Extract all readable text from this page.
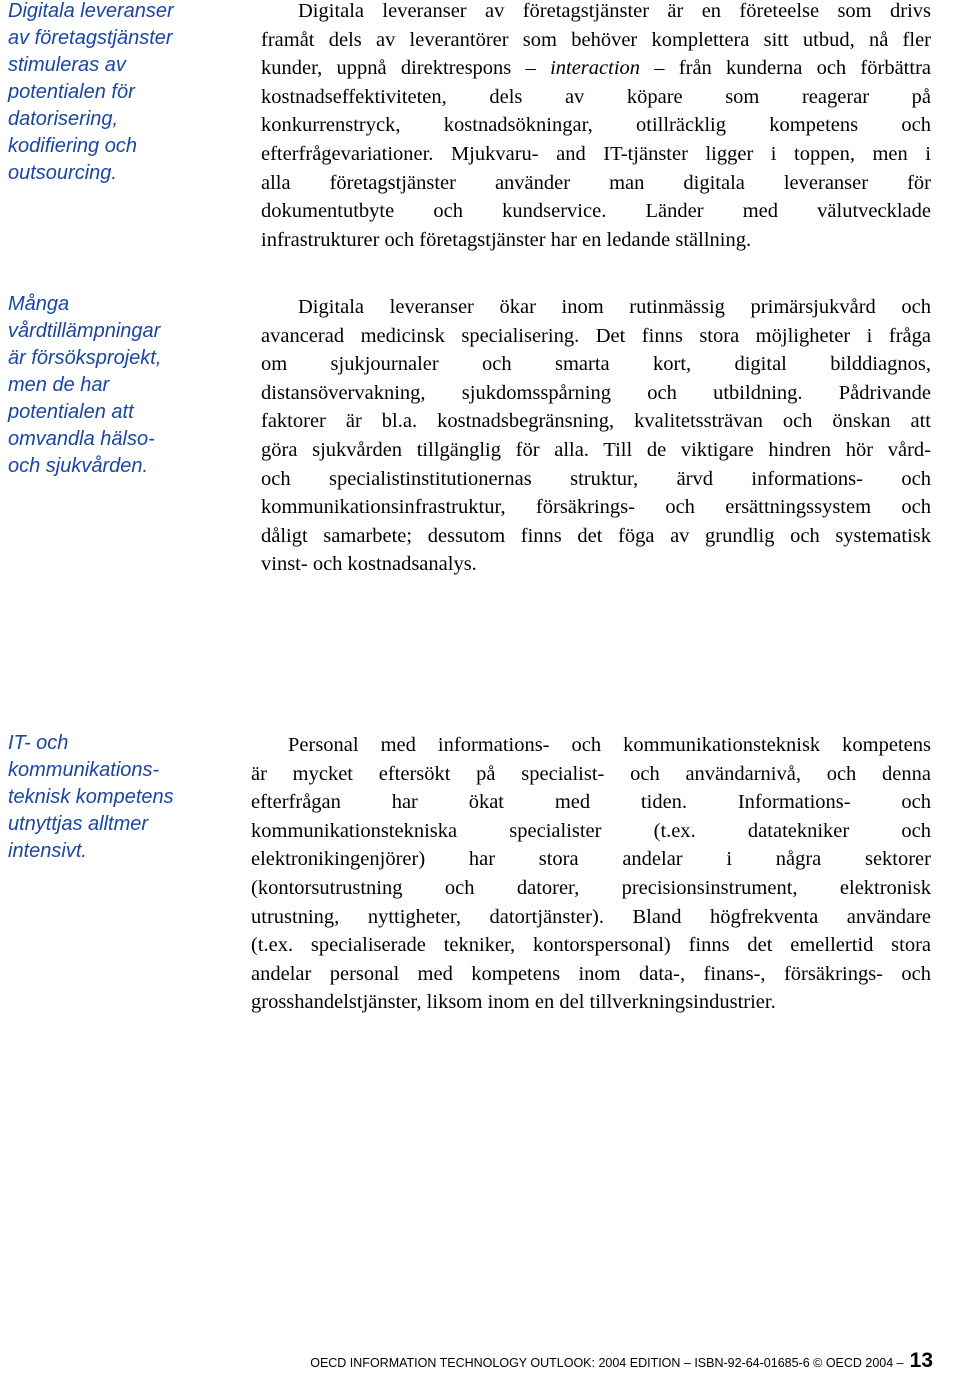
Digitala leveranser
av företagstjänster
stimuleras av
potentialen för
datorisering,
kodifiering och
outsourcing.
Många
vårdtillämpningar
är försöksprojekt,
men de har
potentialen att
omvandla hälso-
och sjukvården.
IT- och
kommunikations-
teknisk kompetens
utnyttjas alltmer
intensivt.
Digitala leveranser av företagstjänster är en företeelse som drivs
framåt dels av leverantörer som behöver komplettera sitt utbud, nå fler
kunder, uppnå direktrespons – interaction – från kunderna och förbättra
kostnadseffektiviteten, dels av köpare som reagerar på
konkurrenstryck, kostnadsökningar, otillräcklig kompetens och
efterfrågevariationer. Mjukvaru- and IT-tjänster ligger i toppen, men i
alla företagstjänster använder man digitala leveranser för
dokumentutbyte och kundservice. Länder med välutvecklade
infrastrukturer och företagstjänster har en ledande ställning.
Digitala leveranser ökar inom rutinmässig primärsjukvård och
avancerad medicinsk specialisering. Det finns stora möjligheter i fråga
om sjukjournaler och smarta kort, digital bilddiagnos,
distansövervakning, sjukdomsspårning och utbildning. Pådrivande
faktorer är bl.a. kostnadsbegränsning, kvalitetssträvan och önskan att
göra sjukvården tillgänglig för alla. Till de viktigare hindren hör vård-
och specialistinstitutionernas struktur, ärvd informations- och
kommunikationsinfrastruktur, försäkrings- och ersättningssystem och
dåligt samarbete; dessutom finns det föga av grundlig och systematisk
vinst- och kostnadsanalys.
Personal med informations- och kommunikationsteknisk kompetens
är mycket eftersökt på specialist- och användarnivå, och denna
efterfrågan har ökat med tiden. Informations- och
kommunikationstekniska specialister (t.ex. datatekniker och
elektronikingenjörer) har stora andelar i några sektorer
(kontorsutrustning och datorer, precisionsinstrument, elektronisk
utrustning, nyttigheter, datortjänster). Bland högfrekventa användare
(t.ex. specialiserade tekniker, kontorspersonal) finns det emellertid stora
andelar personal med kompetens inom data-, finans-, försäkrings- och
grosshandelstjänster, liksom inom en del tillverkningsindustrier.
OECD INFORMATION TECHNOLOGY OUTLOOK: 2004 EDITION – ISBN-92-64-01685-6 © OECD 2004 – 13
